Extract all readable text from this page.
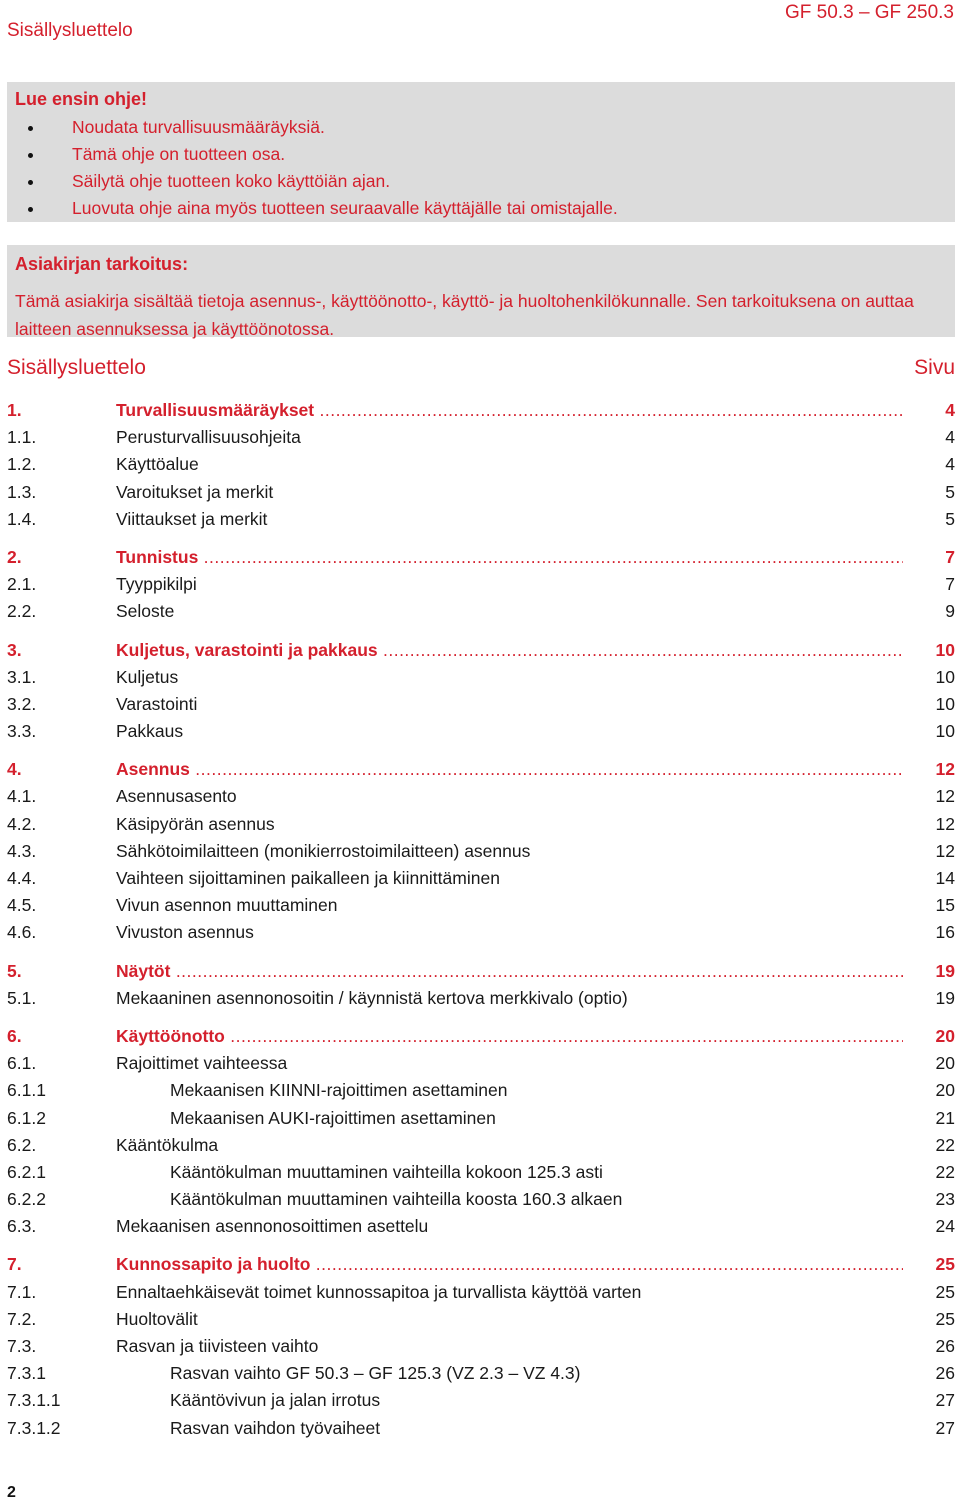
Sisällysluettelo
GF 50.3 – GF 250.3
Lue ensin ohje!
Noudata turvallisuusmääräyksiä.
Tämä ohje on tuotteen osa.
Säilytä ohje tuotteen koko käyttöiän ajan.
Luovuta ohje aina myös tuotteen seuraavalle käyttäjälle tai omistajalle.
Asiakirjan tarkoitus:
Tämä asiakirja sisältää tietoja asennus-, käyttöönotto-, käyttö- ja huoltohenkilökunnalle. Sen tarkoituksena on auttaa laitteen asennuksessa ja käyttöönotossa.
Sisällysluettelo	Sivu
1.	Turvallisuusmääräykset .....	4
1.1.	Perusturvallisuusohjeita	4
1.2.	Käyttöalue	4
1.3.	Varoitukset ja merkit	5
1.4.	Viittaukset ja merkit	5
2.	Tunnistus .....	7
2.1.	Tyyppikilpi	7
2.2.	Seloste	9
3.	Kuljetus, varastointi ja pakkaus .....	10
3.1.	Kuljetus	10
3.2.	Varastointi	10
3.3.	Pakkaus	10
4.	Asennus .....	12
4.1.	Asennusasento	12
4.2.	Käsipyörän asennus	12
4.3.	Sähkötoimilaitteen (monikierrostoimilaitteen) asennus	12
4.4.	Vaihteen sijoittaminen paikalleen ja kiinnittäminen	14
4.5.	Vivun asennon muuttaminen	15
4.6.	Vivuston asennus	16
5.	Näytöt .....	19
5.1.	Mekaaninen asennonosoitin / käynnistä kertova merkkivalo (optio)	19
6.	Käyttöönotto .....	20
6.1.	Rajoittimet vaihteessa	20
6.1.1	Mekaanisen KIINNI-rajoittimen asettaminen	20
6.1.2	Mekaanisen AUKI-rajoittimen asettaminen	21
6.2.	Kääntökulma	22
6.2.1	Kääntökulman muuttaminen vaihteilla kokoon 125.3 asti	22
6.2.2	Kääntökulman muuttaminen vaihteilla koosta 160.3 alkaen	23
6.3.	Mekaanisen asennonosoittimen asettelu	24
7.	Kunnossapito ja huolto .....	25
7.1.	Ennaltaehkäisevät toimet kunnossapitoa ja turvallista käyttöä varten	25
7.2.	Huoltovälit	25
7.3.	Rasvan ja tiivisteen vaihto	26
7.3.1	Rasvan vaihto GF 50.3 – GF 125.3 (VZ 2.3 – VZ 4.3)	26
7.3.1.1	Kääntövivun ja jalan irrotus	27
7.3.1.2	Rasvan vaihdon työvaiheet	27
2
